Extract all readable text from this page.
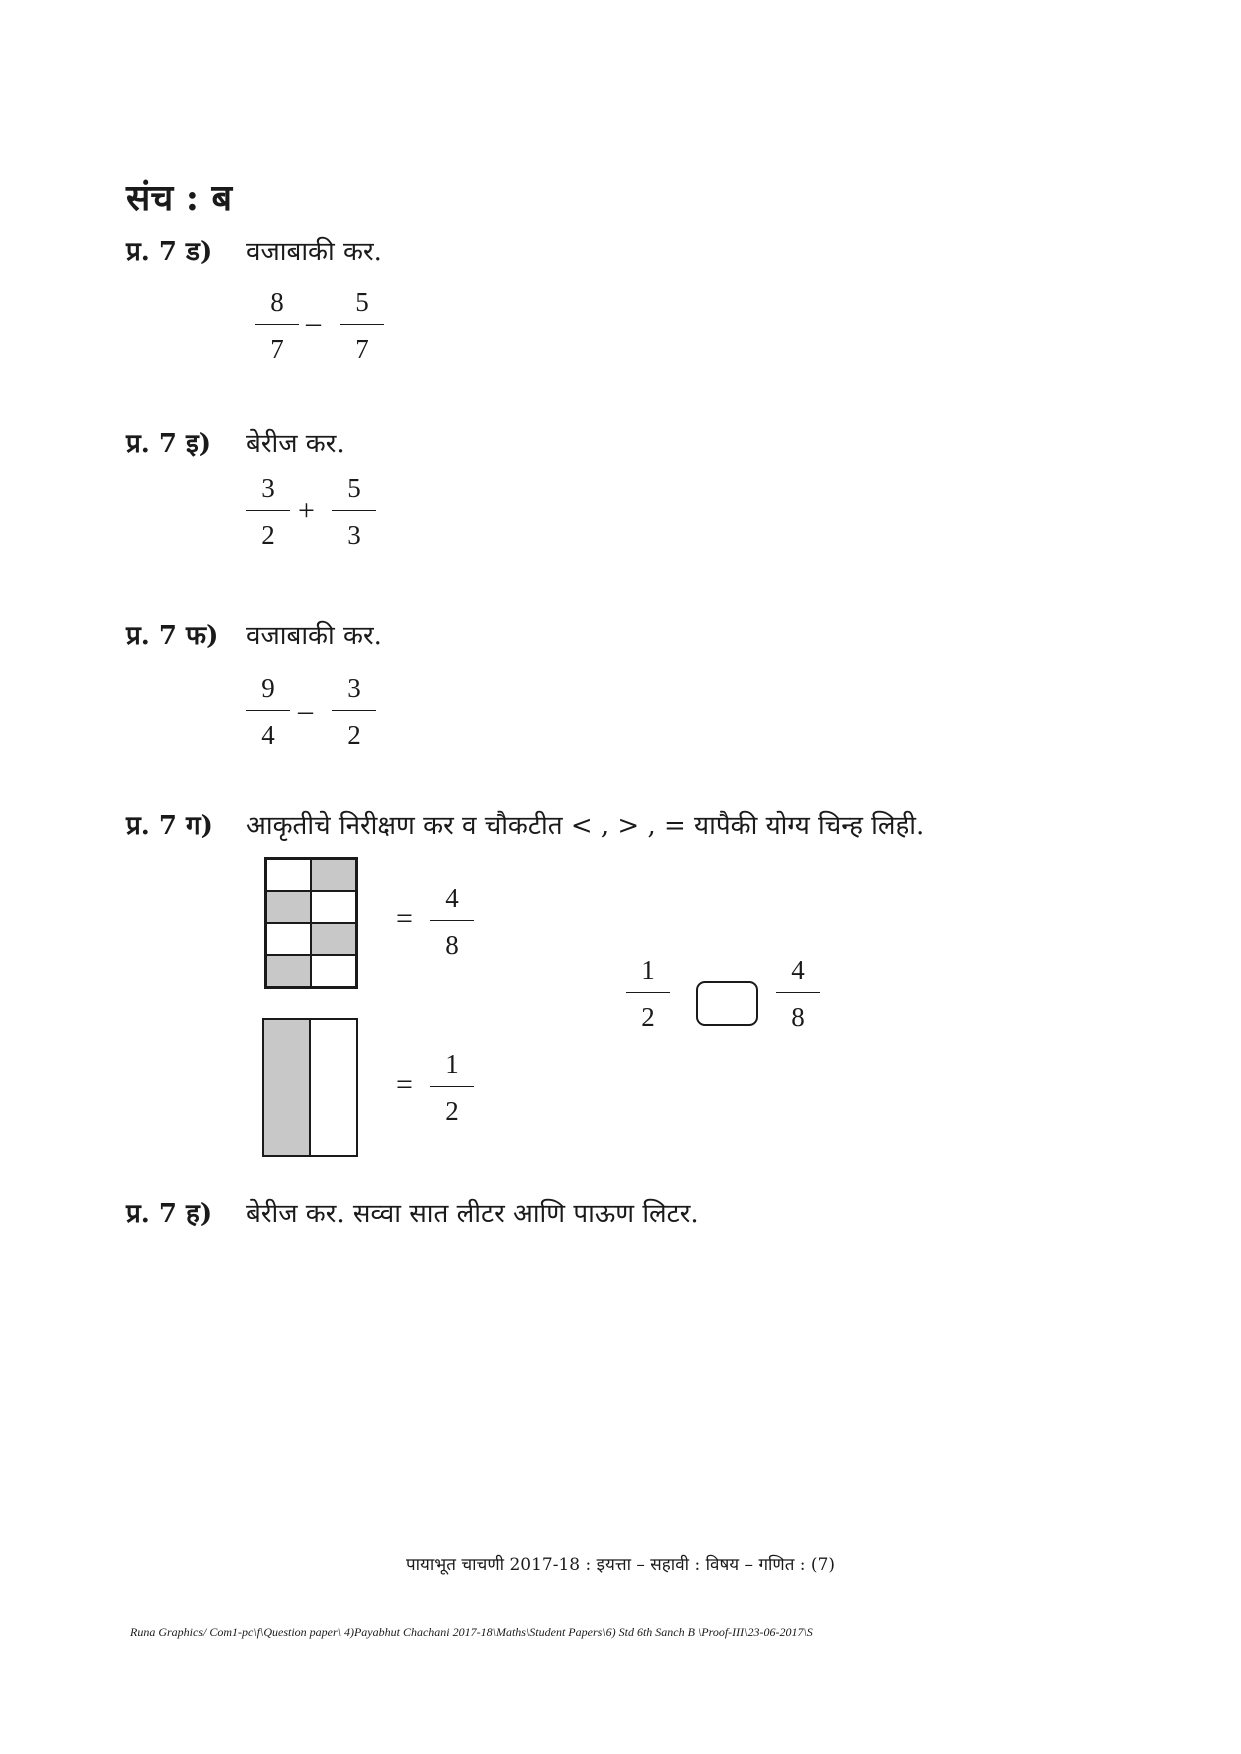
संच : ब
प्र. 7 ड) वजाबाकी कर.
8
7
–
5
7
प्र. 7 इ) बेरीज कर.
3
2
+
5
3
प्र. 7 फ) वजाबाकी कर.
9
4
–
3
2
प्र. 7 ग) आकृतीचे निरीक्षण कर व चौकटीत < , > , = यापैकी योग्य चिन्ह लिही.
=
4
8
=
1
2
1
2
4
8
प्र. 7 ह) बेरीज कर. सव्वा सात लीटर आणि पाऊण लिटर.
पायाभूत चाचणी 2017-18 : इयत्ता – सहावी : विषय – गणित : (7)
Runa Graphics/ Com1-pc\f\Question paper\ 4)Payabhut Chachani 2017-18\Maths\Student Papers\6) Std 6th Sanch B \Proof-III\23-06-2017\S
